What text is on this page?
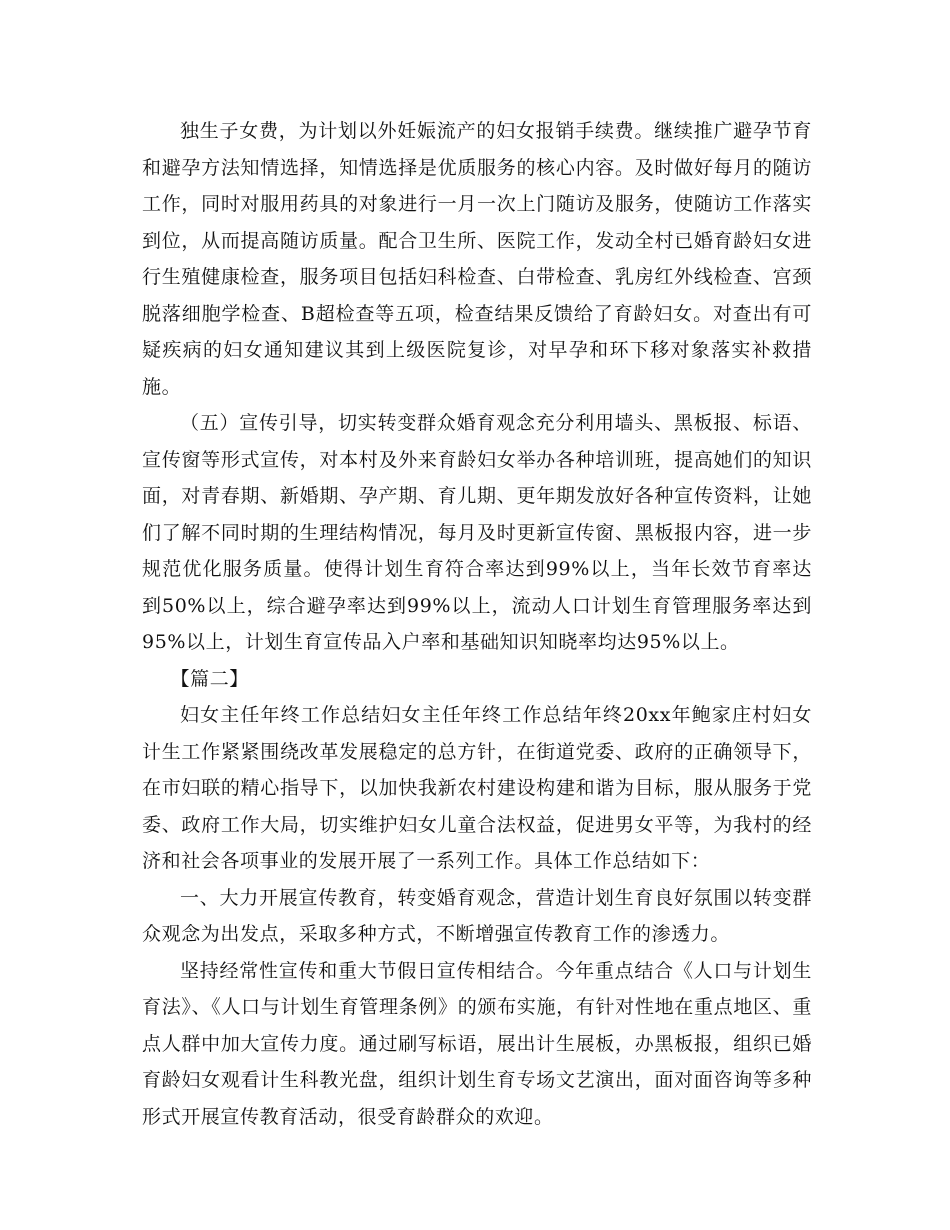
独生子女费，为计划以外妊娠流产的妇女报销手续费。继续推广避孕节育和避孕方法知情选择，知情选择是优质服务的核心内容。及时做好每月的随访工作，同时对服用药具的对象进行一月一次上门随访及服务，使随访工作落实到位，从而提高随访质量。配合卫生所、医院工作，发动全村已婚育龄妇女进行生殖健康检查，服务项目包括妇科检查、白带检查、乳房红外线检查、宫颈脱落细胞学检查、B超检查等五项，检查结果反馈给了育龄妇女。对查出有可疑疾病的妇女通知建议其到上级医院复诊，对早孕和环下移对象落实补救措施。

（五）宣传引导，切实转变群众婚育观念充分利用墙头、黑板报、标语、宣传窗等形式宣传，对本村及外来育龄妇女举办各种培训班，提高她们的知识面，对青春期、新婚期、孕产期、育儿期、更年期发放好各种宣传资料，让她们了解不同时期的生理结构情况，每月及时更新宣传窗、黑板报内容，进一步规范优化服务质量。使得计划生育符合率达到99%以上，当年长效节育率达到50%以上，综合避孕率达到99%以上，流动人口计划生育管理服务率达到95%以上，计划生育宣传品入户率和基础知识知晓率均达95%以上。

【篇二】

妇女主任年终工作总结妇女主任年终工作总结年终20xx年鲍家庄村妇女计生工作紧紧围绕改革发展稳定的总方针，在街道党委、政府的正确领导下，在市妇联的精心指导下，以加快我新农村建设构建和谐为目标，服从服务于党委、政府工作大局，切实维护妇女儿童合法权益，促进男女平等，为我村的经济和社会各项事业的发展开展了一系列工作。具体工作总结如下：

一、大力开展宣传教育，转变婚育观念，营造计划生育良好氛围以转变群众观念为出发点，采取多种方式，不断增强宣传教育工作的渗透力。

坚持经常性宣传和重大节假日宣传相结合。今年重点结合《人口与计划生育法》、《人口与计划生育管理条例》的颁布实施，有针对性地在重点地区、重点人群中加大宣传力度。通过刷写标语，展出计生展板，办黑板报，组织已婚育龄妇女观看计生科教光盘，组织计划生育专场文艺演出，面对面咨询等多种形式开展宣传教育活动，很受育龄群众的欢迎。
